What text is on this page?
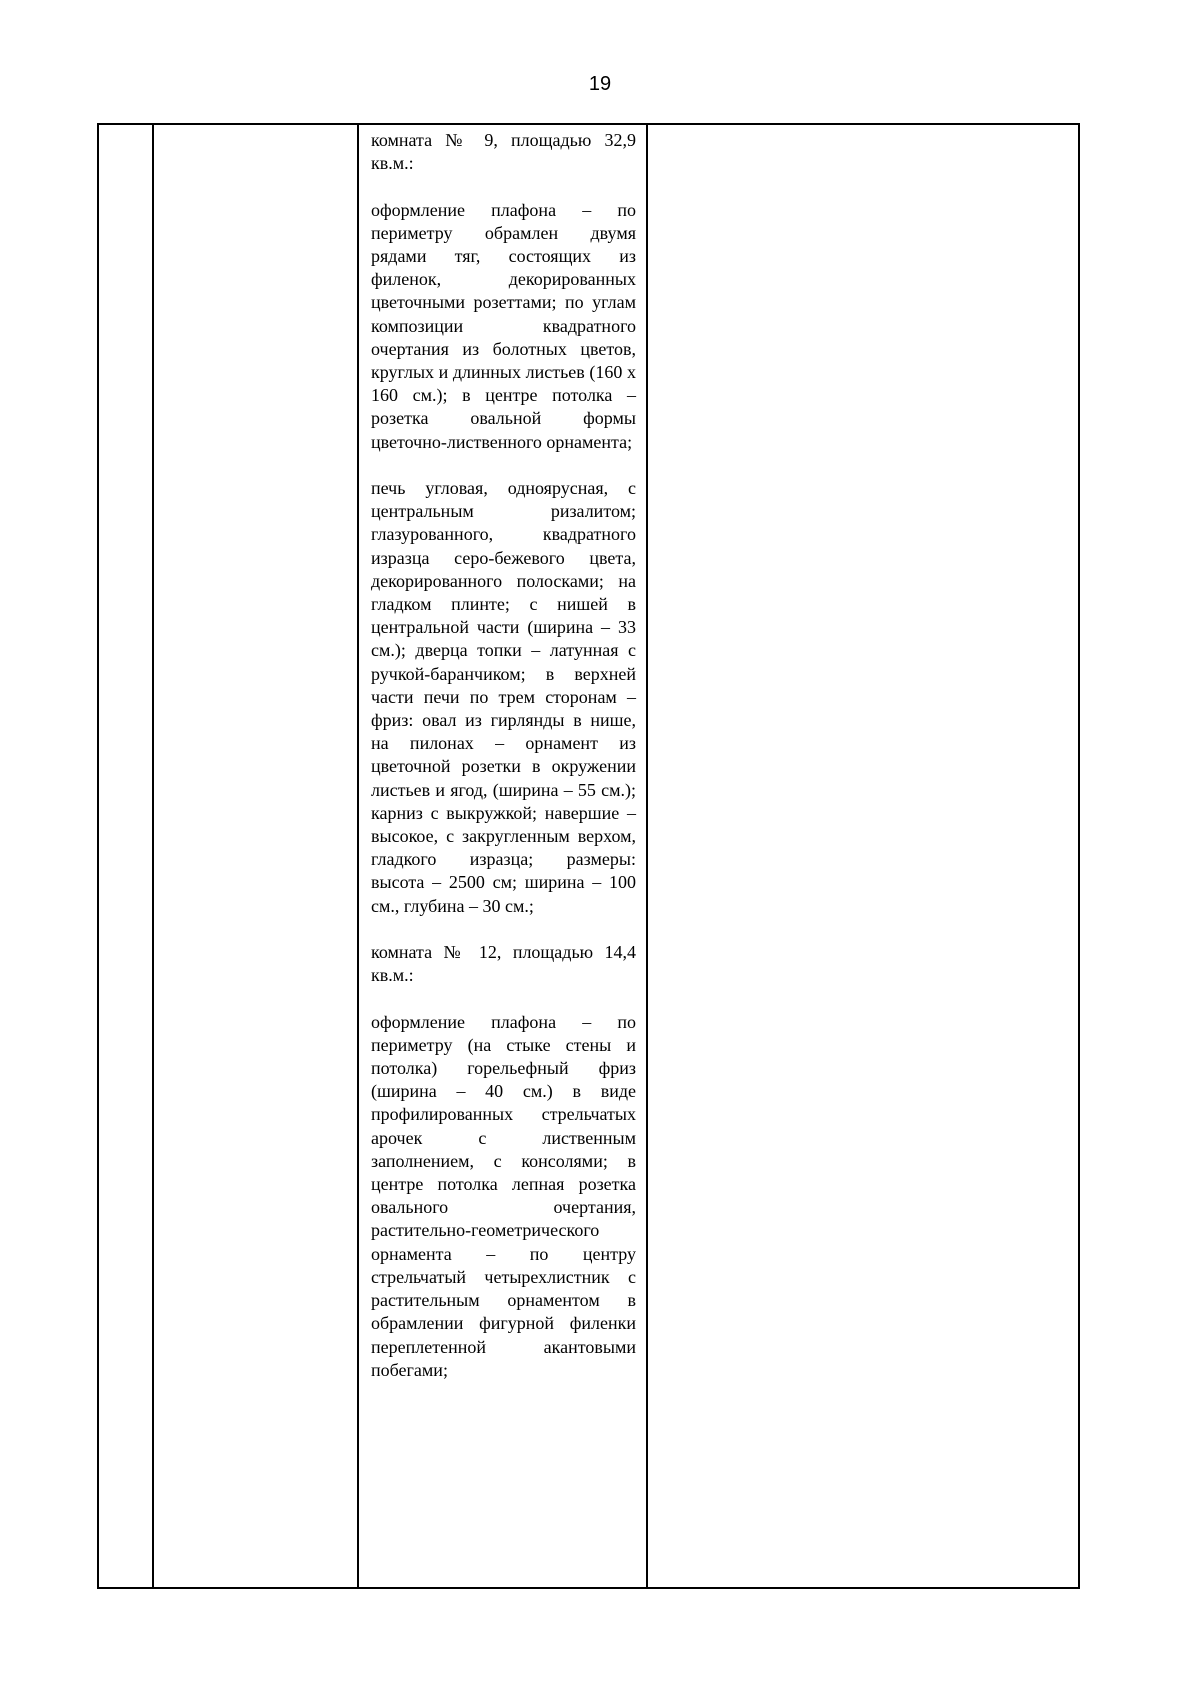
19

комната № 9, площадью 32,9 кв.м.:

оформление плафона – по периметру обрамлен двумя рядами тяг, состоящих из филенок, декорированных цветочными розеттами; по углам композиции квадратного очертания из болотных цветов, круглых и длинных листьев (160 х 160 см.); в центре потолка – розетка овальной формы цветочно-лиственного орнамента;

печь угловая, одноярусная, с центральным ризалитом; глазурованного, квадратного изразца серо-бежевого цвета, декорированного полосками; на гладком плинте; с нишей в центральной части (ширина – 33 см.); дверца топки – латунная с ручкой-баранчиком; в верхней части печи по трем сторонам – фриз: овал из гирлянды в нише, на пилонах – орнамент из цветочной розетки в окружении листьев и ягод, (ширина – 55 см.); карниз с выкружкой; навершие – высокое, с закругленным верхом, гладкого изразца; размеры: высота – 2500 см; ширина – 100 см., глубина – 30 см.;

комната № 12, площадью 14,4 кв.м.:

оформление плафона – по периметру (на стыке стены и потолка) горельефный фриз (ширина – 40 см.) в виде профилированных стрельчатых арочек с лиственным заполнением, с консолями; в центре потолка лепная розетка овального очертания, растительно-геометрического орнамента – по центру стрельчатый четырехлистник с растительным орнаментом в обрамлении фигурной филенки переплетенной акантовыми побегами;
